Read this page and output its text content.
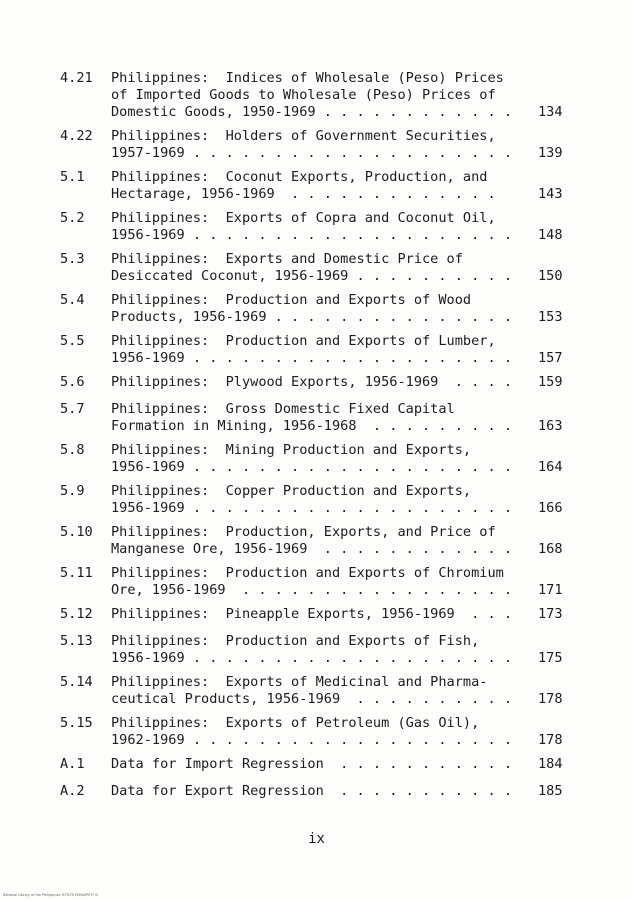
4.21 Philippines:  Indices of Wholesale (Peso) Prices
of Imported Goods to Wholesale (Peso) Prices of
Domestic Goods, 1950-1969 . . . . . . . . . . . . 134
4.22 Philippines:  Holders of Government Securities,
1957-1969 . . . . . . . . . . . . . . . . . . . . 139
5.1 Philippines:  Coconut Exports, Production, and
Hectarage, 1956-1969  . . . . . . . . . . . . .	143
5.2 Philippines:  Exports of Copra and Coconut Oil,
1956-1969 . . . . . . . . . . . . . . . . . . . . 148
5.3 Philippines:  Exports and Domestic Price of
Desiccated Coconut, 1956-1969 . . . . . . . . . . 150
5.4 Philippines:  Production and Exports of Wood
Products, 1956-1969 . . . . . . . . . . . . . . . 153
5.5 Philippines:  Production and Exports of Lumber,
1956-1969 . . . . . . . . . . . . . . . . . . . . 157
5.6 Philippines:  Plywood Exports, 1956-1969  . . . . 159
5.7 Philippines:  Gross Domestic Fixed Capital
Formation in Mining, 1956-1968  . . . . . . . . . 163
5.8 Philippines:  Mining Production and Exports,
1956-1969 . . . . . . . . . . . . . . . . . . . . 164
5.9 Philippines:  Copper Production and Exports,
1956-1969 . . . . . . . . . . . . . . . . . . . . 166
5.10 Philippines:  Production, Exports, and Price of
Manganese Ore, 1956-1969  . . . . . . . . . . . . 168
5.11 Philippines:  Production and Exports of Chromium
Ore, 1956-1969  . . . . . . . . . . . . . . . . . 171
5.12 Philippines:  Pineapple Exports, 1956-1969  . . . 173
5.13 Philippines:  Production and Exports of Fish,
1956-1969 . . . . . . . . . . . . . . . . . . . . 175
5.14 Philippines:  Exports of Medicinal and Pharma-
ceutical Products, 1956-1969  . . . . . . . . . . 178
5.15 Philippines:  Exports of Petroleum (Gas Oil),
1962-1969 . . . . . . . . . . . . . . . . . . . . 178
A.1 Data for Import Regression  . . . . . . . . . . . 184
A.2 Data for Export Regression  . . . . . . . . . . . 185
ix
National Library of the Philippines IS7973/1994/0P0?? iii
